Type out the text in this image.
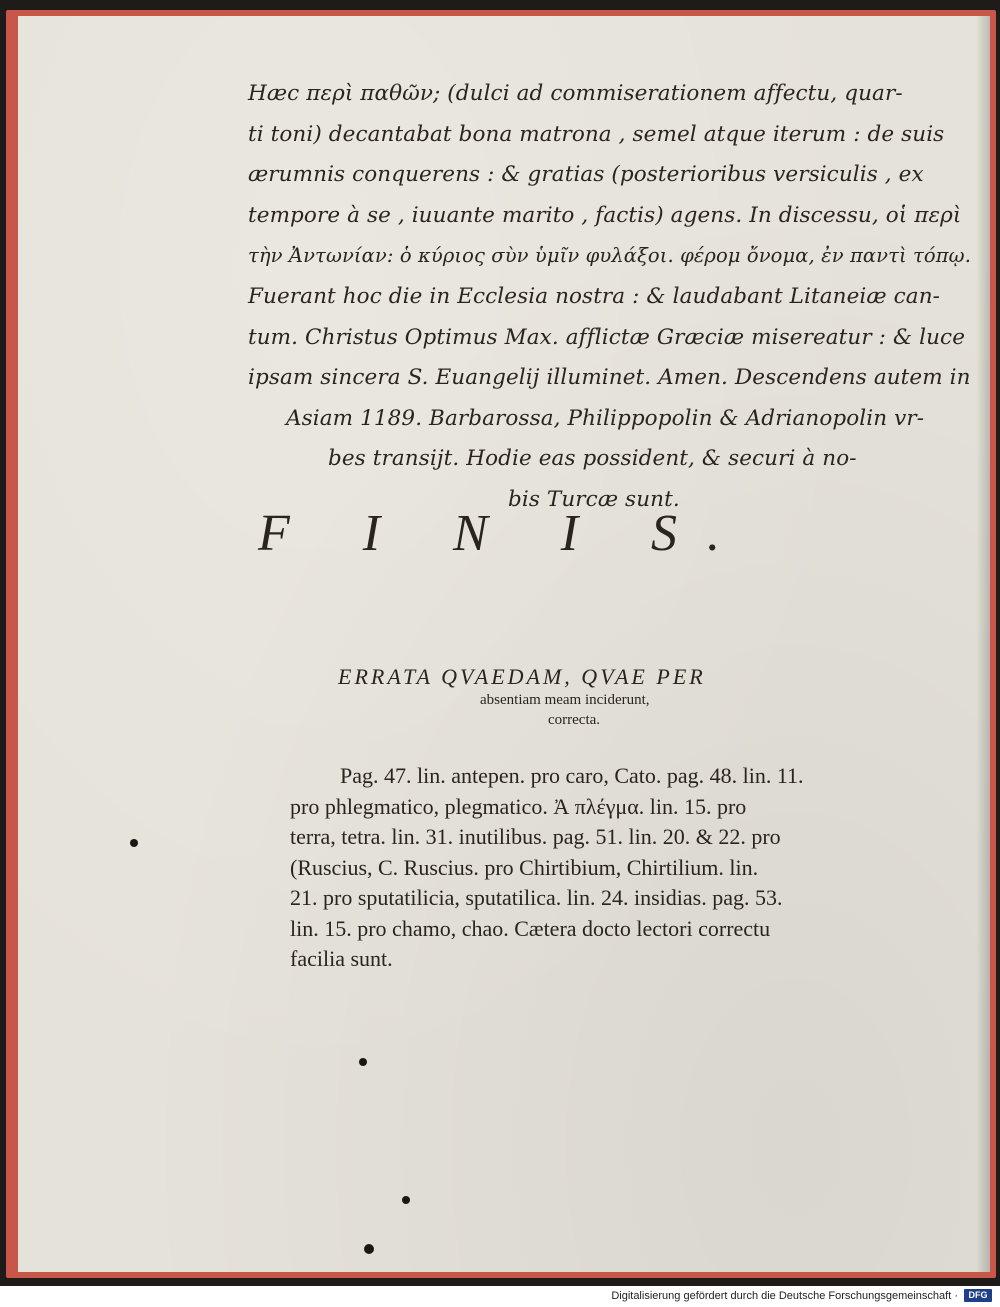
Hæc περὶ παθῶν; (dulci ad commiserationem affectu, quar-
ti toni) decantabat bona matrona , semel atque iterum : de suis
ærumnis conquerens : & gratias (posterioribus versiculis , ex
tempore à se , iuuante marito , factis) agens. In discessu, οἱ περὶ
τὴν Ἀντωνίαν: ὁ κύριος σὺν ὑμῖν φυλάξοι. φέρομ ὄνομα, ἐν παντὶ τόπῳ.
Fuerant hoc die in Ecclesia nostra : & laudabant Litaneiæ can-
tum. Christus Optimus Max. afflictæ Græciæ misereatur : & luce
ipsam sincera S. Euangelij illuminet. Amen. Descendens autem in
Asiam 1189. Barbarossa, Philippopolin & Adrianopolin vr-
bes transijt. Hodie eas possident, & securi à no-
bis Turcæ sunt.
F I N I S.
ERRATA QVAEDAM, QVAE PER
absentiam meam inciderunt,
correcta.
Pag. 47. lin. antepen. pro caro, Cato. pag. 48. lin. 11.
pro phlegmatico, plegmatico. Ἀ πλέγμα. lin. 15. pro
terra, tetra. lin. 31. inutilibus. pag. 51. lin. 20. & 22. pro
(Ruscius, C. Ruscius. pro Chirtibium, Chirtilium. lin.
21. pro sputatilicia, sputatilica. lin. 24. insidias. pag. 53.
lin. 15. pro chamo, chao. Cætera docto lectori correctu
facilia sunt.
Digitalisierung gefördert durch die Deutsche Forschungsgemeinschaft ·	DFG
